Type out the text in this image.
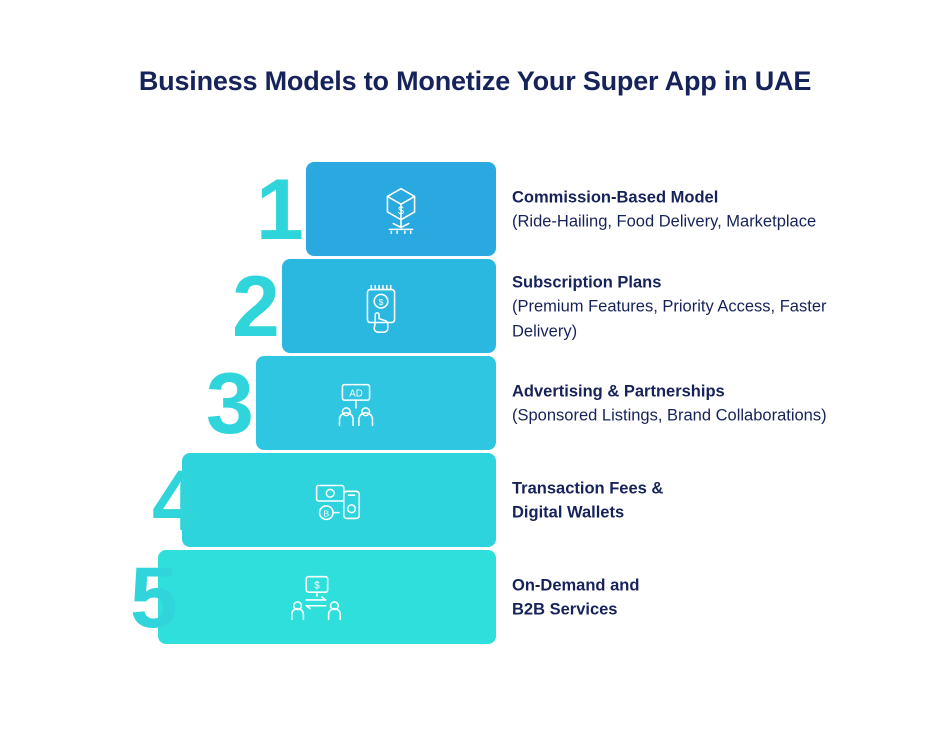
Business Models to Monetize Your Super App in UAE
1	$
Commission-Based Model
(Ride-Hailing, Food Delivery, Marketplace
2	$
Subscription Plans
(Premium Features, Priority Access, Faster Delivery)
3	AD	Advertising & Partnerships
(Sponsored Listings, Brand Collaborations)
4	B
Transaction Fees &
Digital Wallets
5	$	On-Demand and
B2B Services
